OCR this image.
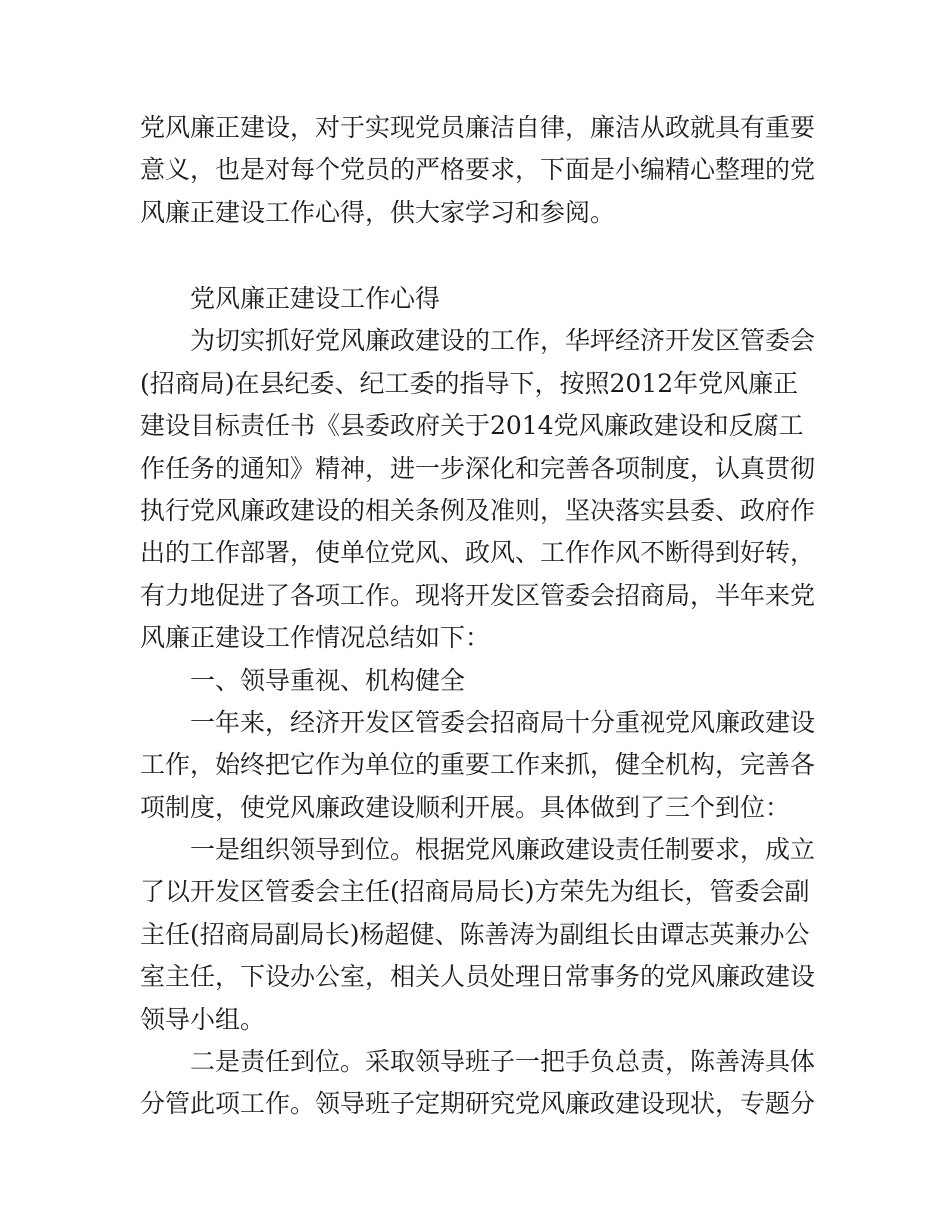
党风廉正建设，对于实现党员廉洁自律，廉洁从政就具有重要
意义，也是对每个党员的严格要求，下面是小编精心整理的党
风廉正建设工作心得，供大家学习和参阅。
党风廉正建设工作心得
为切实抓好党风廉政建设的工作，华坪经济开发区管委会
(招商局)在县纪委、纪工委的指导下，按照2012年党风廉正
建设目标责任书《县委政府关于2014党风廉政建设和反腐工
作任务的通知》精神，进一步深化和完善各项制度，认真贯彻
执行党风廉政建设的相关条例及准则，坚决落实县委、政府作
出的工作部署，使单位党风、政风、工作作风不断得到好转，
有力地促进了各项工作。现将开发区管委会招商局，半年来党
风廉正建设工作情况总结如下：
一、领导重视、机构健全
一年来，经济开发区管委会招商局十分重视党风廉政建设
工作，始终把它作为单位的重要工作来抓，健全机构，完善各
项制度，使党风廉政建设顺利开展。具体做到了三个到位：
一是组织领导到位。根据党风廉政建设责任制要求，成立
了以开发区管委会主任(招商局局长)方荣先为组长，管委会副
主任(招商局副局长)杨超健、陈善涛为副组长由谭志英兼办公
室主任，下设办公室，相关人员处理日常事务的党风廉政建设
领导小组。
二是责任到位。采取领导班子一把手负总责，陈善涛具体
分管此项工作。领导班子定期研究党风廉政建设现状，专题分
